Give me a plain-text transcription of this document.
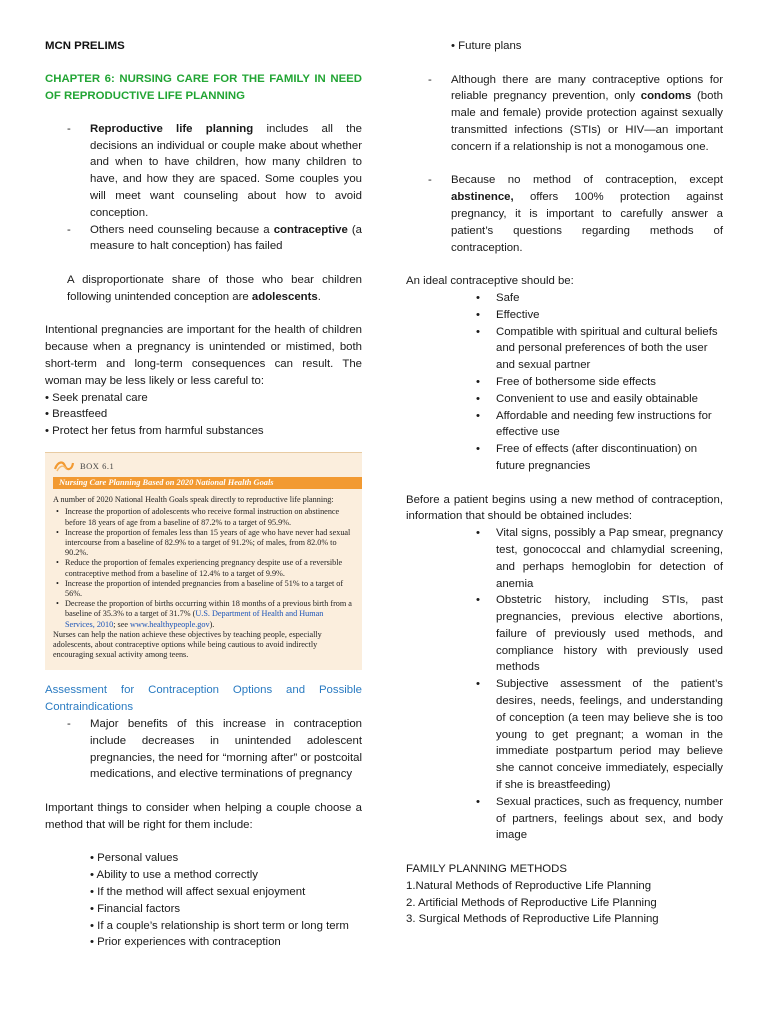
MCN PRELIMS
CHAPTER 6: NURSING CARE FOR THE FAMILY IN NEED OF REPRODUCTIVE LIFE PLANNING
- Reproductive life planning includes all the decisions an individual or couple make about whether and when to have children, how many children to have, and how they are spaced. Some couples you will meet want counseling about how to avoid conception.
- Others need counseling because a contraceptive (a measure to halt conception) has failed

A disproportionate share of those who bear children following unintended conception are adolescents.

Intentional pregnancies are important for the health of children because when a pregnancy is unintended or mistimed, both short-term and long-term consequences can result. The woman may be less likely or less careful to:

• Seek prenatal care
• Breastfeed
• Protect her fetus from harmful substances
BOX 6.1
Nursing Care Planning Based on 2020 National Health Goals

A number of 2020 National Health Goals speak directly to reproductive life planning:

• Increase the proportion of adolescents who receive formal instruction on abstinence before 18 years of age from a baseline of 87.2% to a target of 95.9%.
• Increase the proportion of females less than 15 years of age who have never had sexual intercourse from a baseline of 82.9% to a target of 91.2%; of males, from 82.0% to 90.2%.
• Reduce the proportion of females experiencing pregnancy despite use of a reversible contraceptive method from a baseline of 12.4% to a target of 9.9%.
• Increase the proportion of intended pregnancies from a baseline of 51% to a target of 56%.
• Decrease the proportion of births occurring within 18 months of a previous birth from a baseline of 35.3% to a target of 31.7% (U.S. Department of Health and Human Services, 2010; see www.healthypeople.gov).

Nurses can help the nation achieve these objectives by teaching people, especially adolescents, about contraceptive options while being cautious to avoid indirectly encouraging sexual activity among teens.

Assessment for Contraception Options and Possible Contraindications
- Major benefits of this increase in contraception include decreases in unintended adolescent pregnancies, the need for “morning after” or postcoital medications, and elective terminations of pregnancy

Important things to consider when helping a couple choose a method that will be right for them include:

• Personal values
• Ability to use a method correctly
• If the method will affect sexual enjoyment
• Financial factors
• If a couple’s relationship is short term or long term
• Prior experiences with contraception
• Future plans
- Although there are many contraceptive options for reliable pregnancy prevention, only condoms (both male and female) provide protection against sexually transmitted infections (STIs) or HIV—an important concern if a relationship is not a monogamous one.
- Because no method of contraception, except abstinence, offers 100% protection against pregnancy, it is important to carefully answer a patient’s questions regarding methods of contraception.

An ideal contraceptive should be:

• Safe
• Effective
• Compatible with spiritual and cultural beliefs and personal preferences of both the user and sexual partner
• Free of bothersome side effects
• Convenient to use and easily obtainable
• Affordable and needing few instructions for effective use
• Free of effects (after discontinuation) on future pregnancies

Before a patient begins using a new method of contraception, information that should be obtained includes:

• Vital signs, possibly a Pap smear, pregnancy test, gonococcal and chlamydial screening, and perhaps hemoglobin for detection of anemia
• Obstetric history, including STIs, past pregnancies, previous elective abortions, failure of previously used methods, and compliance history with previously used methods
• Subjective assessment of the patient’s desires, needs, feelings, and understanding of conception (a teen may believe she is too young to get pregnant; a woman in the immediate postpartum period may believe she cannot conceive immediately, especially if she is breastfeeding)
• Sexual practices, such as frequency, number of partners, feelings about sex, and body image

FAMILY PLANNING METHODS

1.Natural Methods of Reproductive Life Planning

2. Artificial Methods of Reproductive Life Planning

3. Surgical Methods of Reproductive Life Planning
